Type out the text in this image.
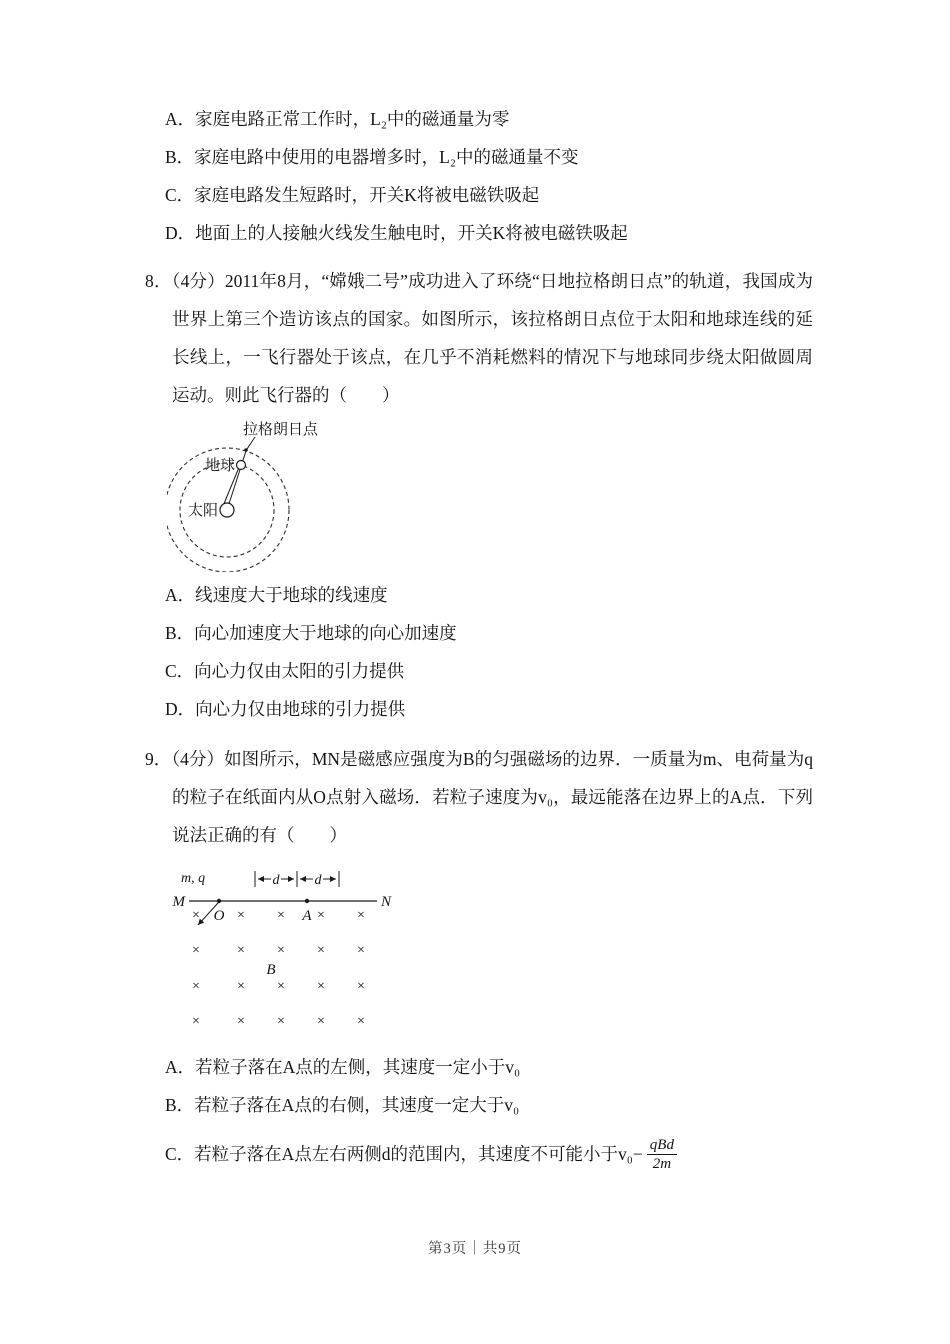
A．家庭电路正常工作时，L₂中的磁通量为零
B．家庭电路中使用的电器增多时，L₂中的磁通量不变
C．家庭电路发生短路时，开关K将被电磁铁吸起
D．地面上的人接触火线发生触电时，开关K将被电磁铁吸起

8．（4分）2011年8月，“嫦娥二号”成功进入了环绕“日地拉格朗日点”的轨道，我国成为世界上第三个造访该点的国家。如图所示，该拉格朗日点位于太阳和地球连线的延长线上，一飞行器处于该点，在几乎不消耗燃料的情况下与地球同步绕太阳做圆周运动。则此飞行器的（　　）

拉格朗日点
地球
太阳
A．线速度大于地球的线速度
B．向心加速度大于地球的向心加速度
C．向心力仅由太阳的引力提供
D．向心力仅由地球的引力提供

9．（4分）如图所示，MN是磁感应强度为B的匀强磁场的边界．一质量为m、电荷量为q的粒子在纸面内从O点射入磁场．若粒子速度为v₀，最远能落在边界上的A点．下列说法正确的有（　　）

m, q	d	d
M	N
O	A
×	× × × ×
×	× × × ×
B
×	× × × ×
×	× × × ×
A．若粒子落在A点的左侧，其速度一定小于v₀
B．若粒子落在A点的右侧，其速度一定大于v₀
C．若粒子落在A点左右两侧d的范围内，其速度不可能小于$v_0- \frac{\text{qBd}}{2m}$
第3页｜共9页
